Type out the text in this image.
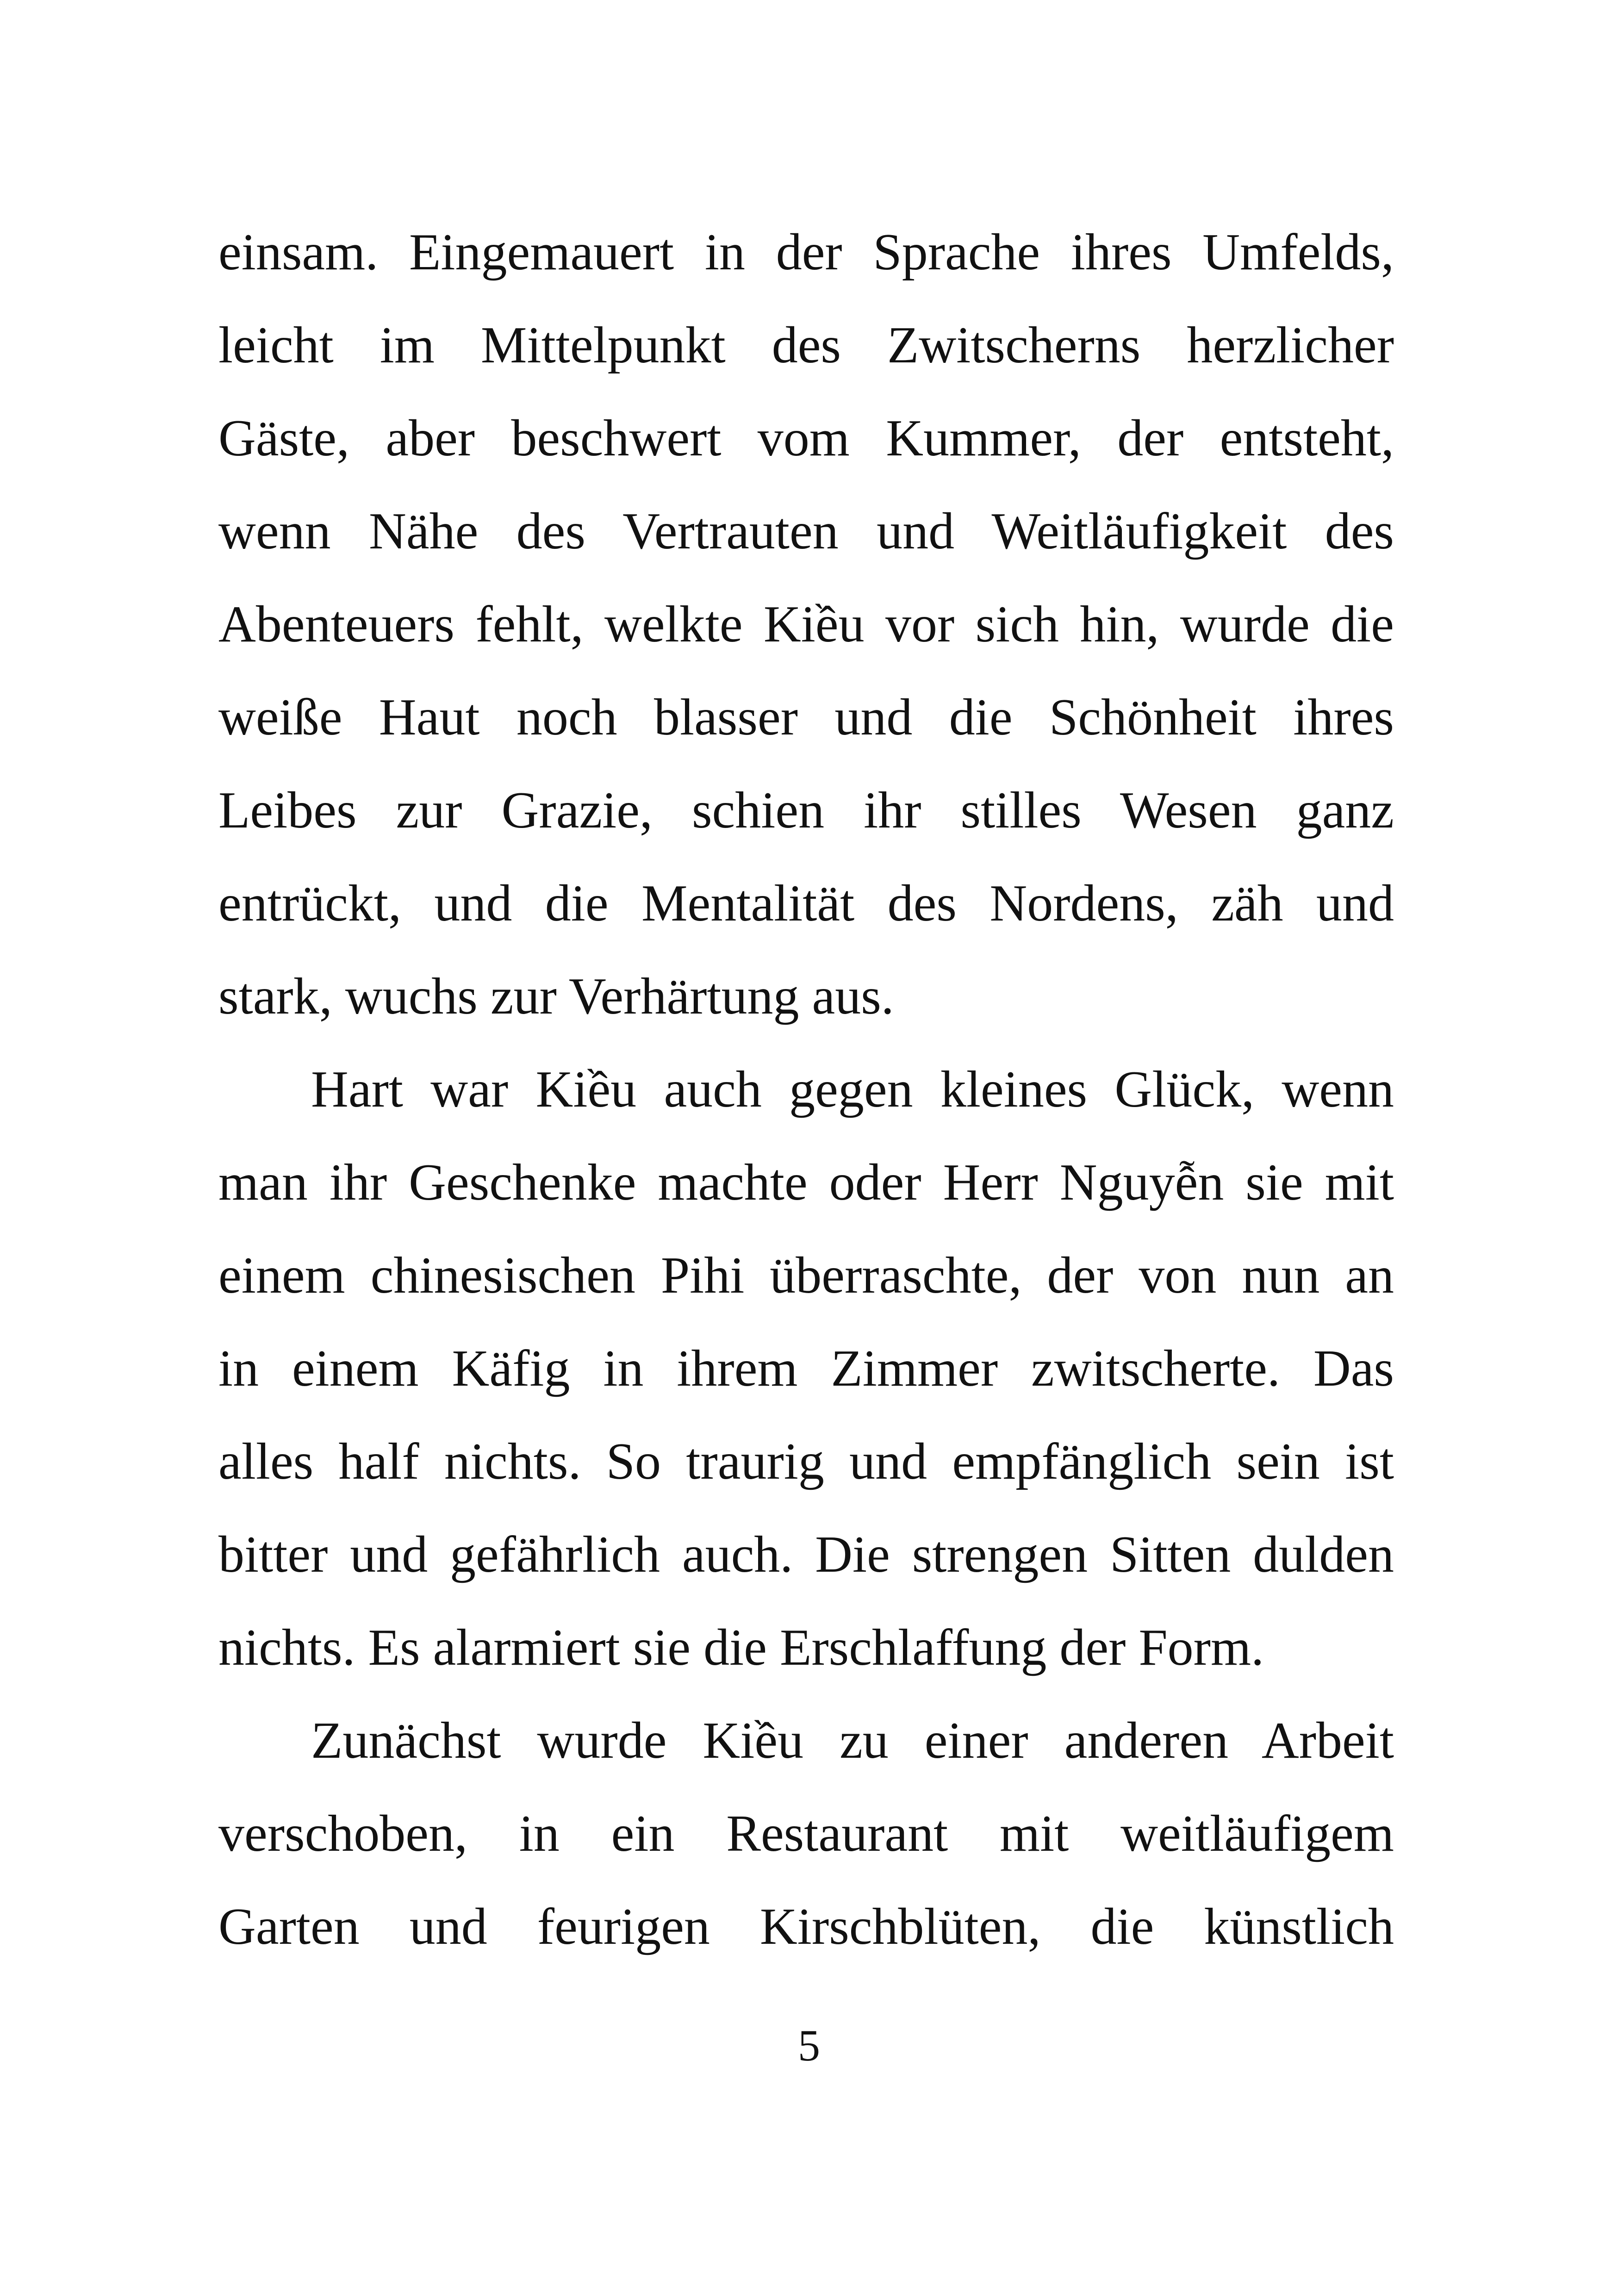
einsam. Eingemauert in der Sprache ihres Umfelds,
leicht im Mittelpunkt des Zwitscherns herzlicher
Gäste, aber beschwert vom Kummer, der entsteht,
wenn Nähe des Vertrauten und Weitläufigkeit des
Abenteuers fehlt, welkte Kiều vor sich hin, wurde die
weiße Haut noch blasser und die Schönheit ihres
Leibes zur Grazie, schien ihr stilles Wesen ganz
entrückt, und die Mentalität des Nordens, zäh und
stark, wuchs zur Verhärtung aus.
Hart war Kiều auch gegen kleines Glück, wenn
man ihr Geschenke machte oder Herr Nguyễn sie mit
einem chinesischen Pihi überraschte, der von nun an
in einem Käfig in ihrem Zimmer zwitscherte. Das
alles half nichts. So traurig und empfänglich sein ist
bitter und gefährlich auch. Die strengen Sitten dulden
nichts. Es alarmiert sie die Erschlaffung der Form.
Zunächst wurde Kiều zu einer anderen Arbeit
verschoben, in ein Restaurant mit weitläufigem
Garten und feurigen Kirschblüten, die künstlich
5
